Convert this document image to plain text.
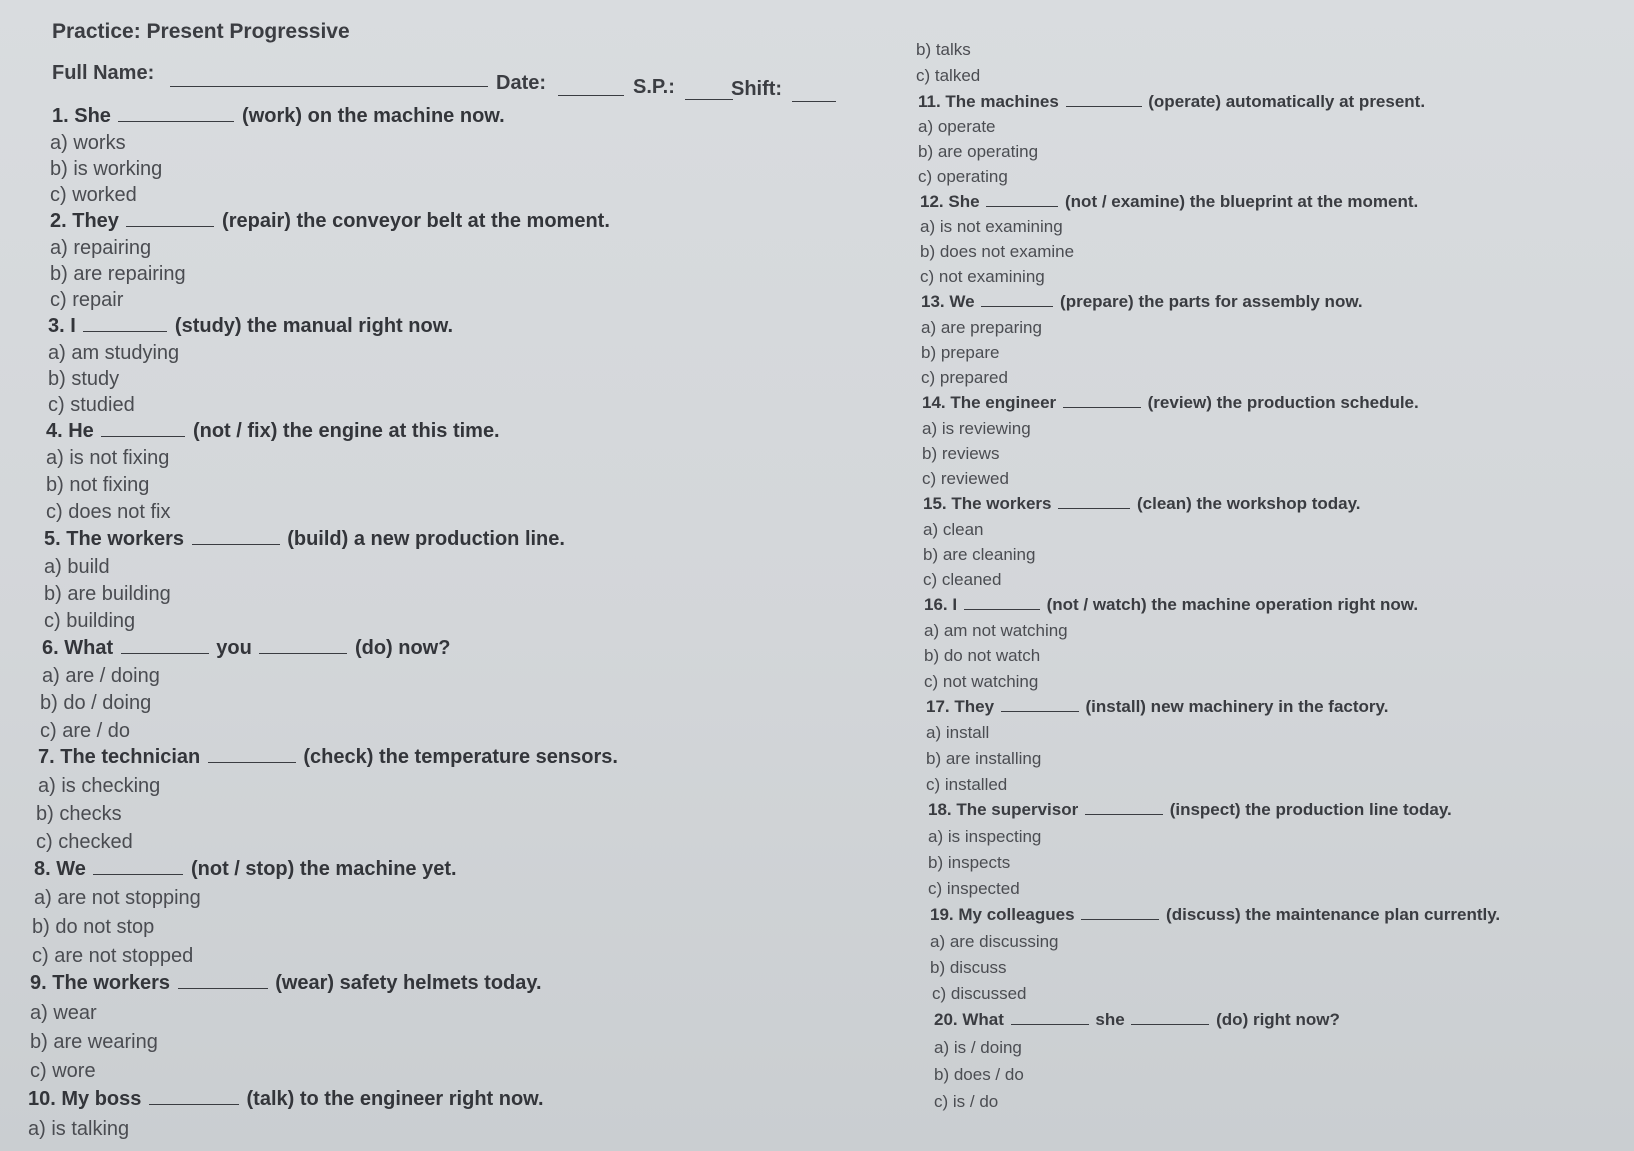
Practice: Present Progressive
Full Name:	Date:	S.P.:	Shift:
1. She	(work) on the machine now.
a) works
b) is working
c) worked
2. They	(repair) the conveyor belt at the moment.
a) repairing
b) are repairing
c) repair
3. I	(study) the manual right now.
a) am studying
b) study
c) studied
4. He	(not / fix) the engine at this time.
a) is not fixing
b) not fixing
c) does not fix
5. The workers	(build) a new production line.
a) build
b) are building
c) building
6. What	you	(do) now?
a) are / doing
b) do / doing
c) are / do
7. The technician	(check) the temperature sensors.
a) is checking
b) checks
c) checked
8. We	(not / stop) the machine yet.
a) are not stopping
b) do not stop
c) are not stopped
9. The workers	(wear) safety helmets today.
a) wear
b) are wearing
c) wore
10. My boss	(talk) to the engineer right now.
a) is talking
b) talks
c) talked
11. The machines	(operate) automatically at present.
a) operate
b) are operating
c) operating
12. She	(not / examine) the blueprint at the moment.
a) is not examining
b) does not examine
c) not examining
13. We	(prepare) the parts for assembly now.
a) are preparing
b) prepare
c) prepared
14. The engineer	(review) the production schedule.
a) is reviewing
b) reviews
c) reviewed
15. The workers	(clean) the workshop today.
a) clean
b) are cleaning
c) cleaned
16. I	(not / watch) the machine operation right now.
a) am not watching
b) do not watch
c) not watching
17. They	(install) new machinery in the factory.
a) install
b) are installing
c) installed
18. The supervisor	(inspect) the production line today.
a) is inspecting
b) inspects
c) inspected
19. My colleagues	(discuss) the maintenance plan currently.
a) are discussing
b) discuss
c) discussed
20. What	she	(do) right now?
a) is / doing
b) does / do
c) is / do
